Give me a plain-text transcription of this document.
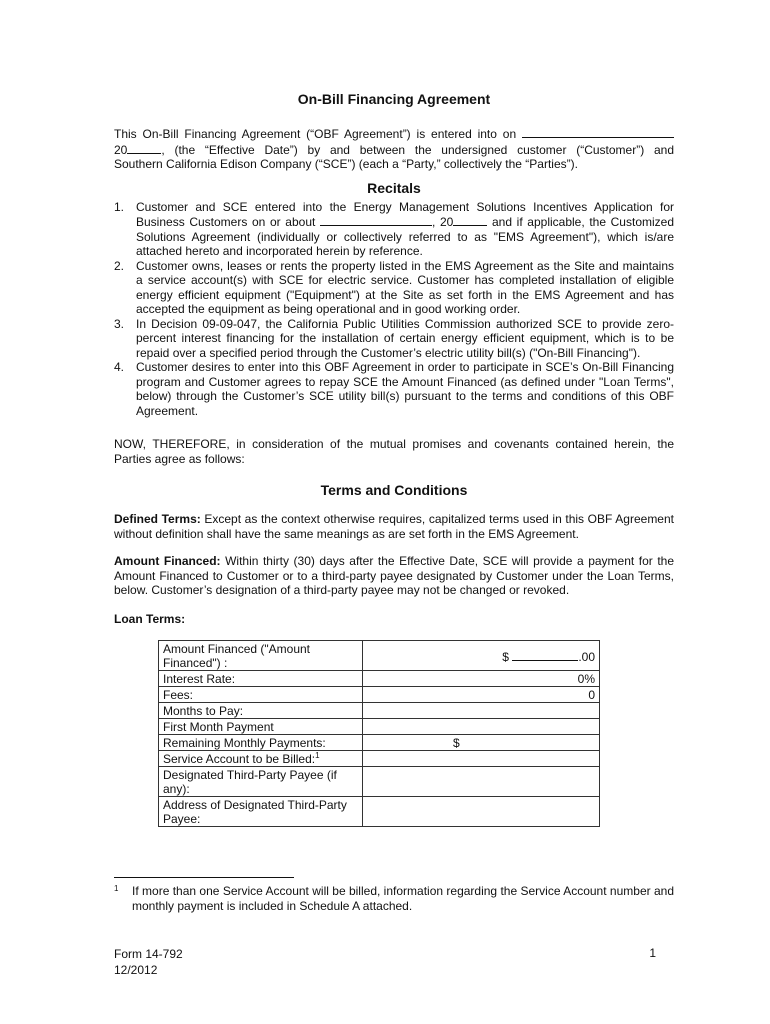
On-Bill Financing Agreement

This On-Bill Financing Agreement (“OBF Agreement”) is entered into on

20	, (the “Effective Date”) by and between the undersigned customer (“Customer”) and

Southern California Edison Company (“SCE”) (each a “Party,” collectively the “Parties”).

Recitals
1. Customer and SCE entered into the Energy Management Solutions Incentives Application for Business Customers on or about	, 20	and if applicable, the Customized Solutions Agreement (individually or collectively referred to as "EMS Agreement"), which is/are attached hereto and incorporated herein by reference.
2. Customer owns, leases or rents the property listed in the EMS Agreement as the Site and maintains a service account(s) with SCE for electric service. Customer has completed installation of eligible energy efficient equipment ("Equipment") at the Site as set forth in the EMS Agreement and has accepted the equipment as being operational and in good working order.
3. In Decision 09-09-047, the California Public Utilities Commission authorized SCE to provide zero-percent interest financing for the installation of certain energy efficient equipment, which is to be repaid over a specified period through the Customer’s electric utility bill(s) ("On-Bill Financing").
4. Customer desires to enter into this OBF Agreement in order to participate in SCE’s On-Bill Financing program and Customer agrees to repay SCE the Amount Financed (as defined under "Loan Terms", below) through the Customer’s SCE utility bill(s) pursuant to the terms and conditions of this OBF Agreement.

NOW, THEREFORE, in consideration of the mutual promises and covenants contained herein, the Parties agree as follows:

Terms and Conditions

Defined Terms: Except as the context otherwise requires, capitalized terms used in this OBF Agreement without definition shall have the same meanings as are set forth in the EMS Agreement.

Amount Financed: Within thirty (30) days after the Effective Date, SCE will provide a payment for the Amount Financed to Customer or to a third-party payee designated by Customer under the Loan Terms, below. Customer’s designation of a third-party payee may not be changed or revoked.

Loan Terms:

Amount Financed ("Amount Financed") :	$ .00
Interest Rate:	0%
Fees:	0
Months to Pay:	
First Month Payment	
Remaining Monthly Payments:	$
Service Account to be Billed:$^1$	
Designated Third-Party Payee (if any):	
Address of Designated Third-Party Payee:	
1	If more than one Service Account will be billed, information regarding the Service Account number and monthly payment is included in Schedule A attached.

Form 14-792
12/2012
1
